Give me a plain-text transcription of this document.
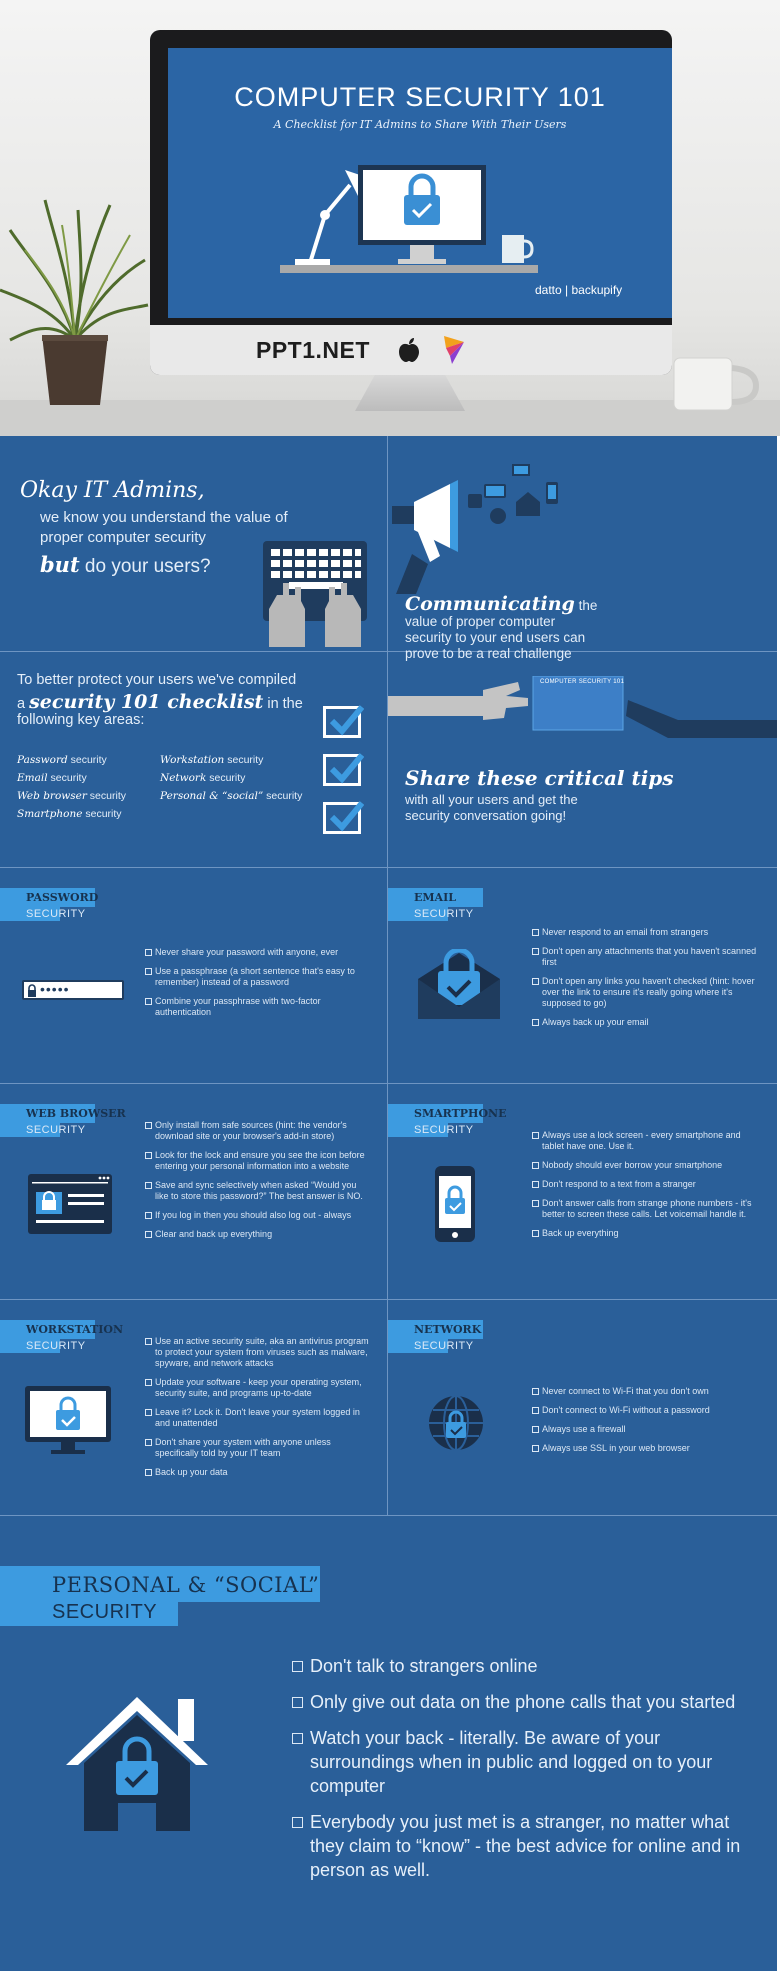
COMPUTER SECURITY 101
A Checklist for IT Admins to Share With Their Users
datto | backupify
PPT1.NET
Okay IT Admins,
we know you understand the value of
proper computer security
but do your users?
Communicating the value of proper computer security to your end users can prove to be a real challenge
To better protect your users we've compiled
a security 101 checklist in the
following key areas:
Password security
Email security
Web browser security
Smartphone security
Workstation security
Network security
Personal & “social” security
COMPUTER SECURITY 101
Share these critical tips
with all your users and get the security conversation going!
PASSWORD
SECURITY
•••••
Never share your password with anyone, ever
Use a passphrase (a short sentence that's easy to remember) instead of a password
Combine your passphrase with two-factor authentication
EMAIL
SECURITY
Never respond to an email from strangers
Don't open any attachments that you haven't scanned first
Don't open any links you haven't checked (hint: hover over the link to ensure it's really going where it's supposed to go)
Always back up your email
WEB BROWSER
SECURITY	Only install from safe sources (hint: the vendor's download site or your browser's add-in store)
Look for the lock and ensure you see the icon before entering your personal information into a website
Save and sync selectively when asked “Would you like to store this password?” The best answer is NO.
If you log in then you should also log out - always
Clear and back up everything
SMARTPHONE
SECURITY	Always use a lock screen - every smartphone and tablet have one. Use it.
Nobody should ever borrow your smartphone
Don't respond to a text from a stranger
Don't answer calls from strange phone numbers - it's better to screen these calls. Let voicemail handle it.
Back up everything
WORKSTATION
SECURITY	Use an active security suite, aka an antivirus program to protect your system from viruses such as malware, spyware, and network attacks
Update your software - keep your operating system, security suite, and programs up-to-date
Leave it? Lock it. Don't leave your system logged in and unattended
Don't share your system with anyone unless specifically told by your IT team
Back up your data
NETWORK
SECURITY
Never connect to Wi-Fi that you don't own
Don't connect to Wi-Fi without a password
Always use a firewall
Always use SSL in your web browser
PERSONAL & “SOCIAL”
SECURITY
Don't talk to strangers online
Only give out data on the phone calls that you started
Watch your back - literally. Be aware of your surroundings when in public and logged on to your computer
Everybody you just met is a stranger, no matter what they claim to “know” - the best advice for online and in person as well.
